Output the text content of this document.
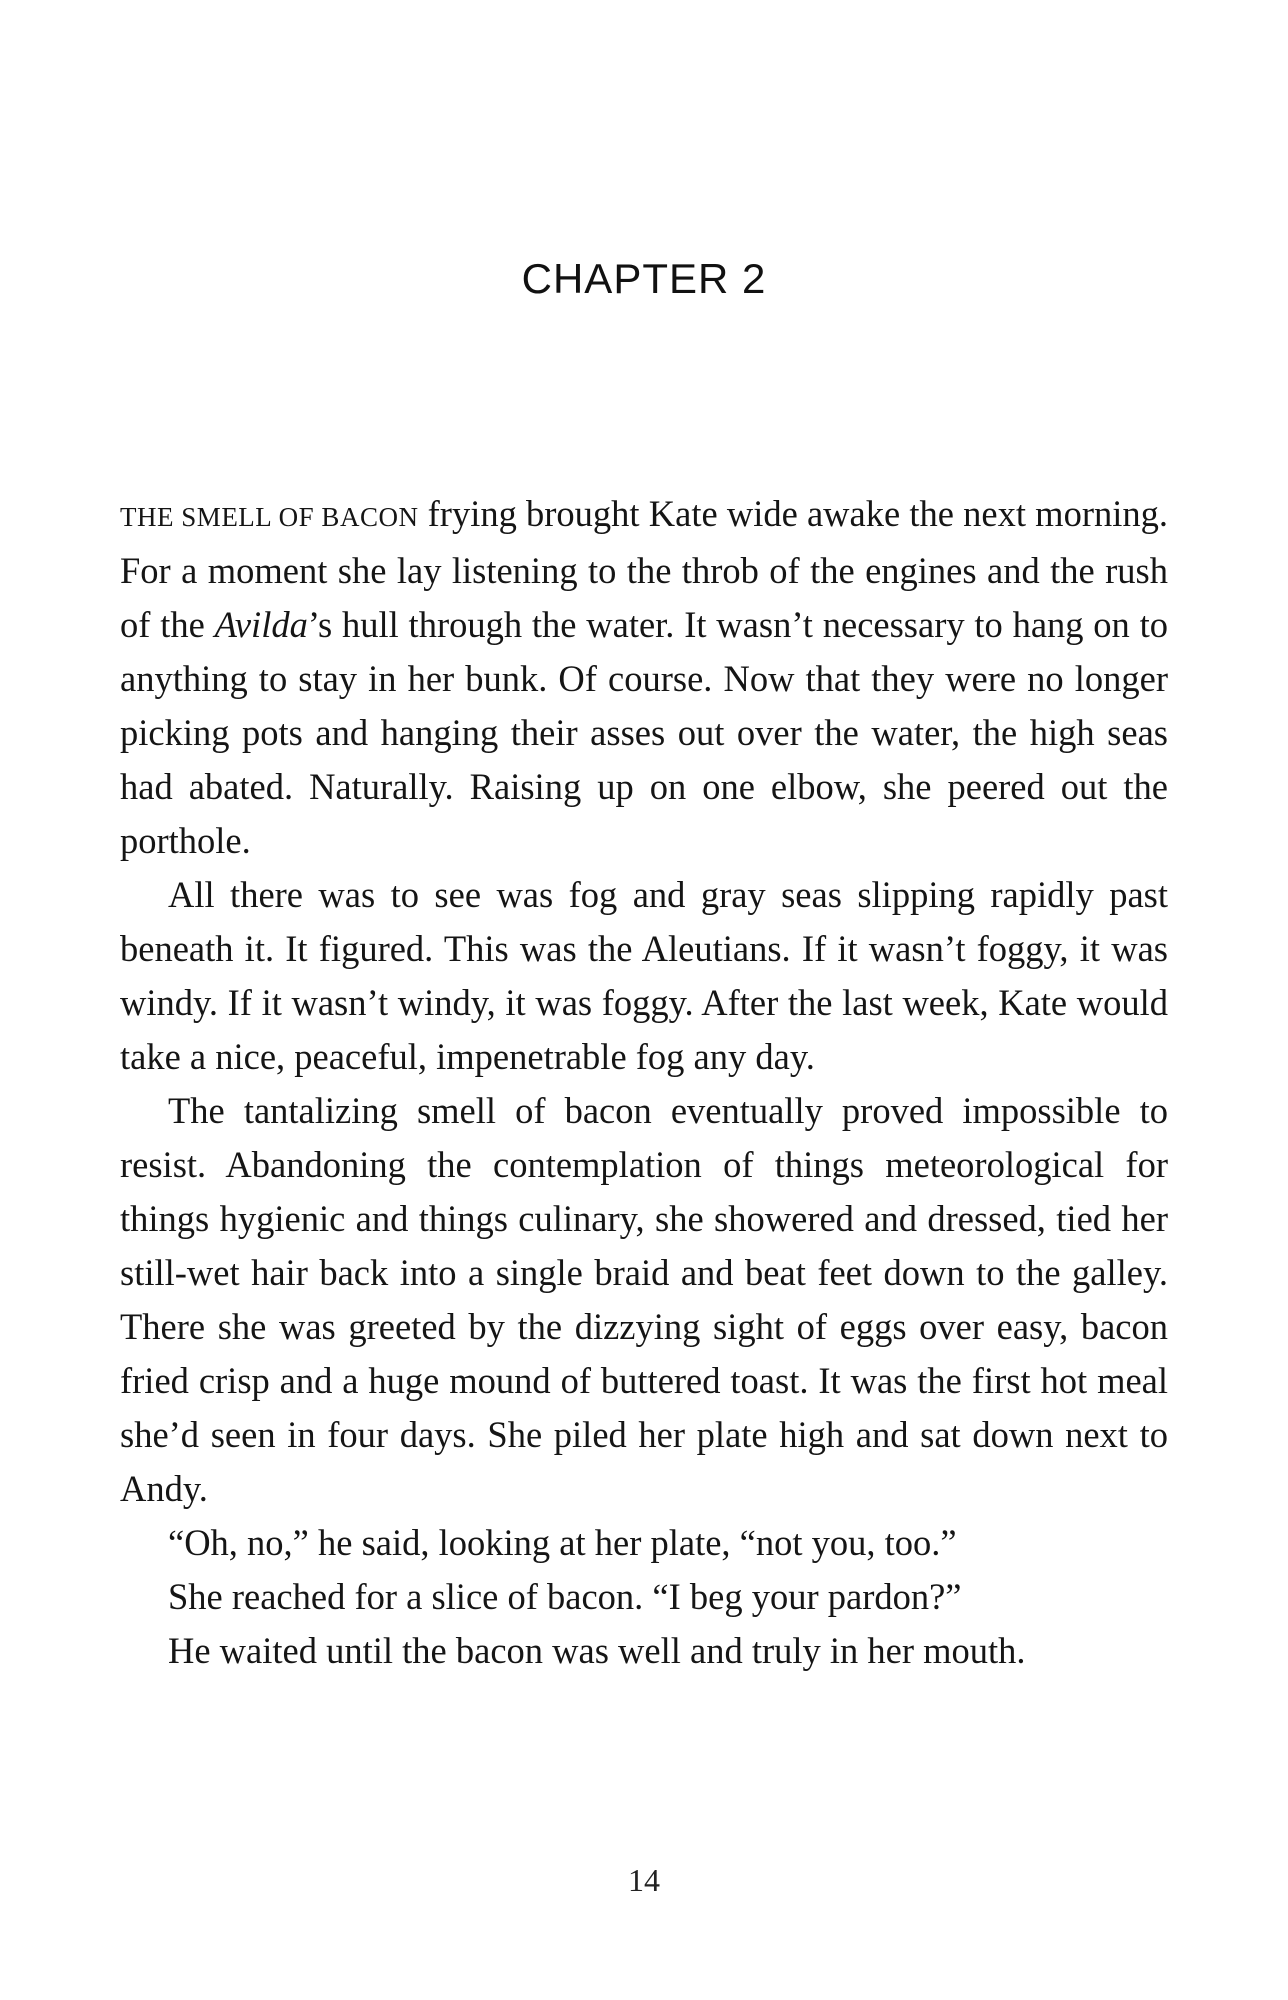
CHAPTER 2

THE SMELL OF BACON frying brought Kate wide awake the next morning. For a moment she lay listening to the throb of the engines and the rush of the Avilda’s hull through the water. It wasn’t necessary to hang on to anything to stay in her bunk. Of course. Now that they were no longer picking pots and hanging their asses out over the water, the high seas had abated. Naturally. Raising up on one elbow, she peered out the porthole.

All there was to see was fog and gray seas slipping rapidly past beneath it. It figured. This was the Aleutians. If it wasn’t foggy, it was windy. If it wasn’t windy, it was foggy. After the last week, Kate would take a nice, peaceful, impenetrable fog any day.

The tantalizing smell of bacon eventually proved impossible to resist. Abandoning the contemplation of things meteorological for things hygienic and things culinary, she showered and dressed, tied her still-wet hair back into a single braid and beat feet down to the galley. There she was greeted by the dizzying sight of eggs over easy, bacon fried crisp and a huge mound of buttered toast. It was the first hot meal she’d seen in four days. She piled her plate high and sat down next to Andy.

“Oh, no,” he said, looking at her plate, “not you, too.”

She reached for a slice of bacon. “I beg your pardon?”

He waited until the bacon was well and truly in her mouth.

14
